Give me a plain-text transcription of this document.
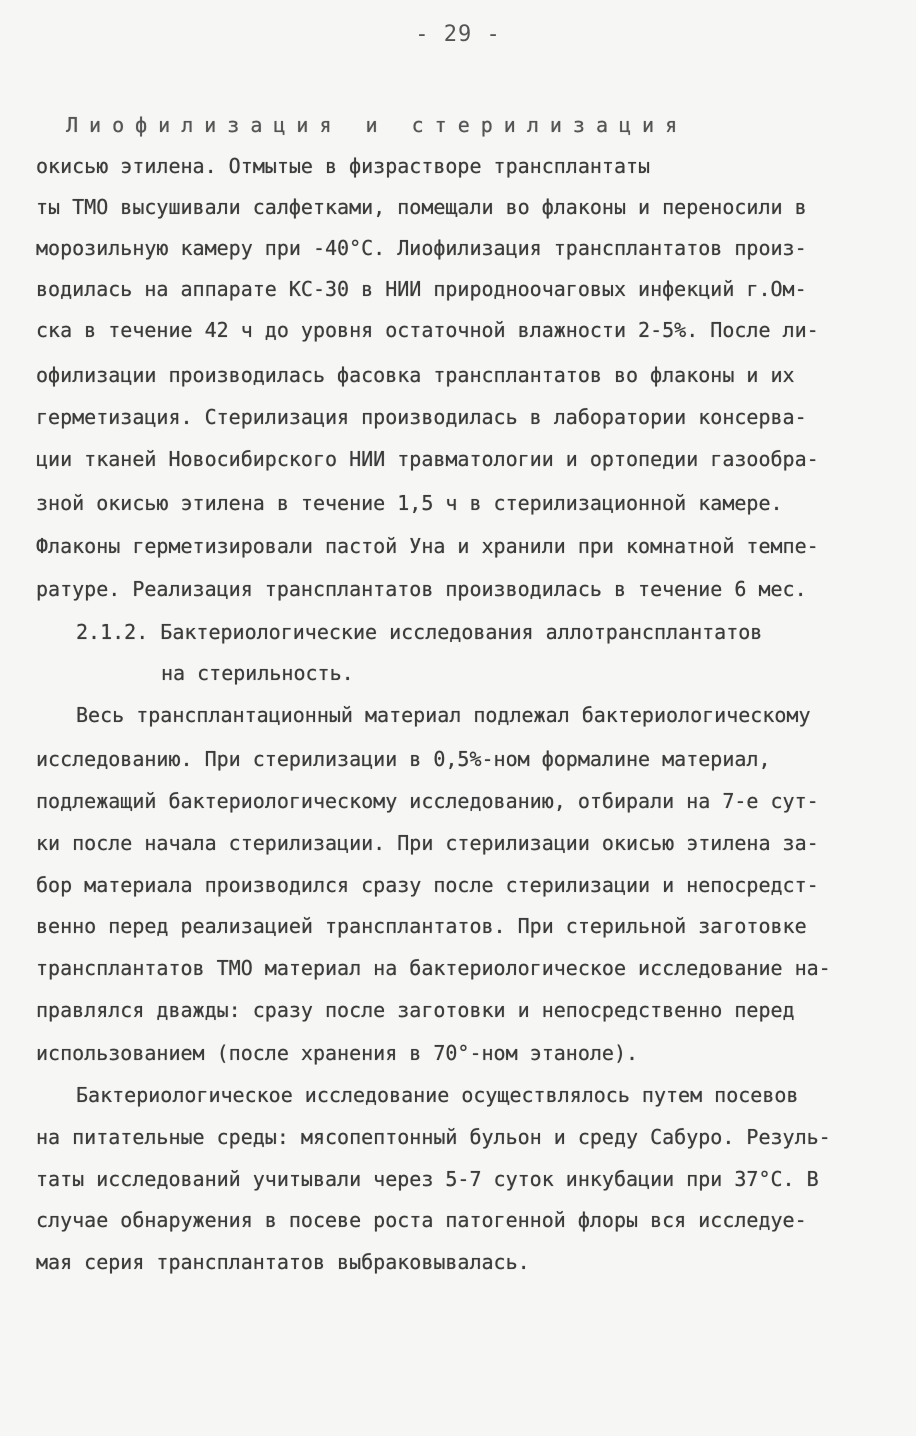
- 29 -
Лиофилизация и стерилизация
окисью этилена. Отмытые в физрастворе трансплантаты
ты ТМО высушивали салфетками, помещали во флаконы и переносили в
морозильную камеру при -40°С. Лиофилизация трансплантатов произ-
водилась на аппарате КС-30 в НИИ природноочаговых инфекций г.Ом-
ска в течение 42 ч до уровня остаточной влажности 2-5%. После ли-
офилизации производилась фасовка трансплантатов во флаконы и их
герметизация. Стерилизация производилась в лаборатории консерва-
ции тканей Новосибирского НИИ травматологии и ортопедии газообра-
зной окисью этилена в течение 1,5 ч в стерилизационной камере.
Флаконы герметизировали пастой Уна и хранили при комнатной темпе-
ратуре. Реализация трансплантатов производилась в течение 6 мес.
2.1.2. Бактериологические исследования аллотрансплантатов
на стерильность.
Весь трансплантационный материал подлежал бактериологическому
исследованию. При стерилизации в 0,5%-ном формалине материал,
подлежащий бактериологическому исследованию, отбирали на 7-е сут-
ки после начала стерилизации. При стерилизации окисью этилена за-
бор материала производился сразу после стерилизации и непосредст-
венно перед реализацией трансплантатов. При стерильной заготовке
трансплантатов ТМО материал на бактериологическое исследование на-
правлялся дважды: сразу после заготовки и непосредственно перед
использованием (после хранения в 70°-ном этаноле).
Бактериологическое исследование осуществлялось путем посевов
на питательные среды: мясопептонный бульон и среду Сабуро. Резуль-
таты исследований учитывали через 5-7 суток инкубации при 37°С. В
случае обнаружения в посеве роста патогенной флоры вся исследуе-
мая серия трансплантатов выбраковывалась.
